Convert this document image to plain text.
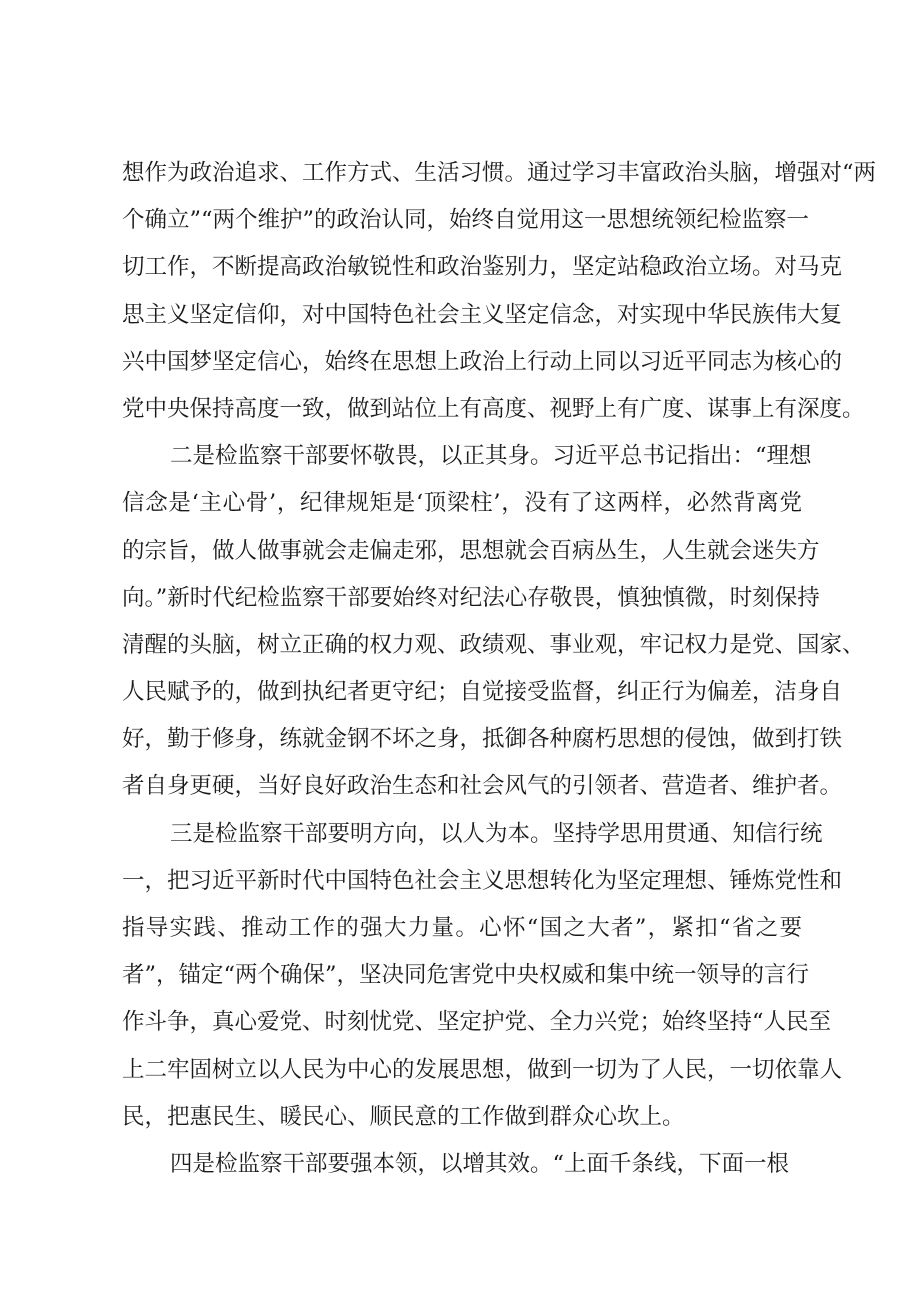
想作为政治追求、工作方式、生活习惯。通过学习丰富政治头脑，增强对“两
个确立”“两个维护”的政治认同，始终自觉用这一思想统领纪检监察一
切工作，不断提高政治敏锐性和政治鉴别力，坚定站稳政治立场。对马克
思主义坚定信仰，对中国特色社会主义坚定信念，对实现中华民族伟大复
兴中国梦坚定信心，始终在思想上政治上行动上同以习近平同志为核心的
党中央保持高度一致，做到站位上有高度、视野上有广度、谋事上有深度。
二是检监察干部要怀敬畏，以正其身。习近平总书记指出：“理想
信念是‘主心骨’，纪律规矩是‘顶梁柱’，没有了这两样，必然背离党
的宗旨，做人做事就会走偏走邪，思想就会百病丛生，人生就会迷失方
向。”新时代纪检监察干部要始终对纪法心存敬畏，慎独慎微，时刻保持
清醒的头脑，树立正确的权力观、政绩观、事业观，牢记权力是党、国家、
人民赋予的，做到执纪者更守纪；自觉接受监督，纠正行为偏差，洁身自
好，勤于修身，练就金钢不坏之身，抵御各种腐朽思想的侵蚀，做到打铁
者自身更硬，当好良好政治生态和社会风气的引领者、营造者、维护者。
三是检监察干部要明方向，以人为本。坚持学思用贯通、知信行统
一，把习近平新时代中国特色社会主义思想转化为坚定理想、锤炼党性和
指导实践、推动工作的强大力量。心怀“国之大者”，紧扣“省之要
者”，锚定“两个确保”，坚决同危害党中央权威和集中统一领导的言行
作斗争，真心爱党、时刻忧党、坚定护党、全力兴党；始终坚持“人民至
上二牢固树立以人民为中心的发展思想，做到一切为了人民，一切依靠人
民，把惠民生、暖民心、顺民意的工作做到群众心坎上。
四是检监察干部要强本领，以增其效。“上面千条线，下面一根
